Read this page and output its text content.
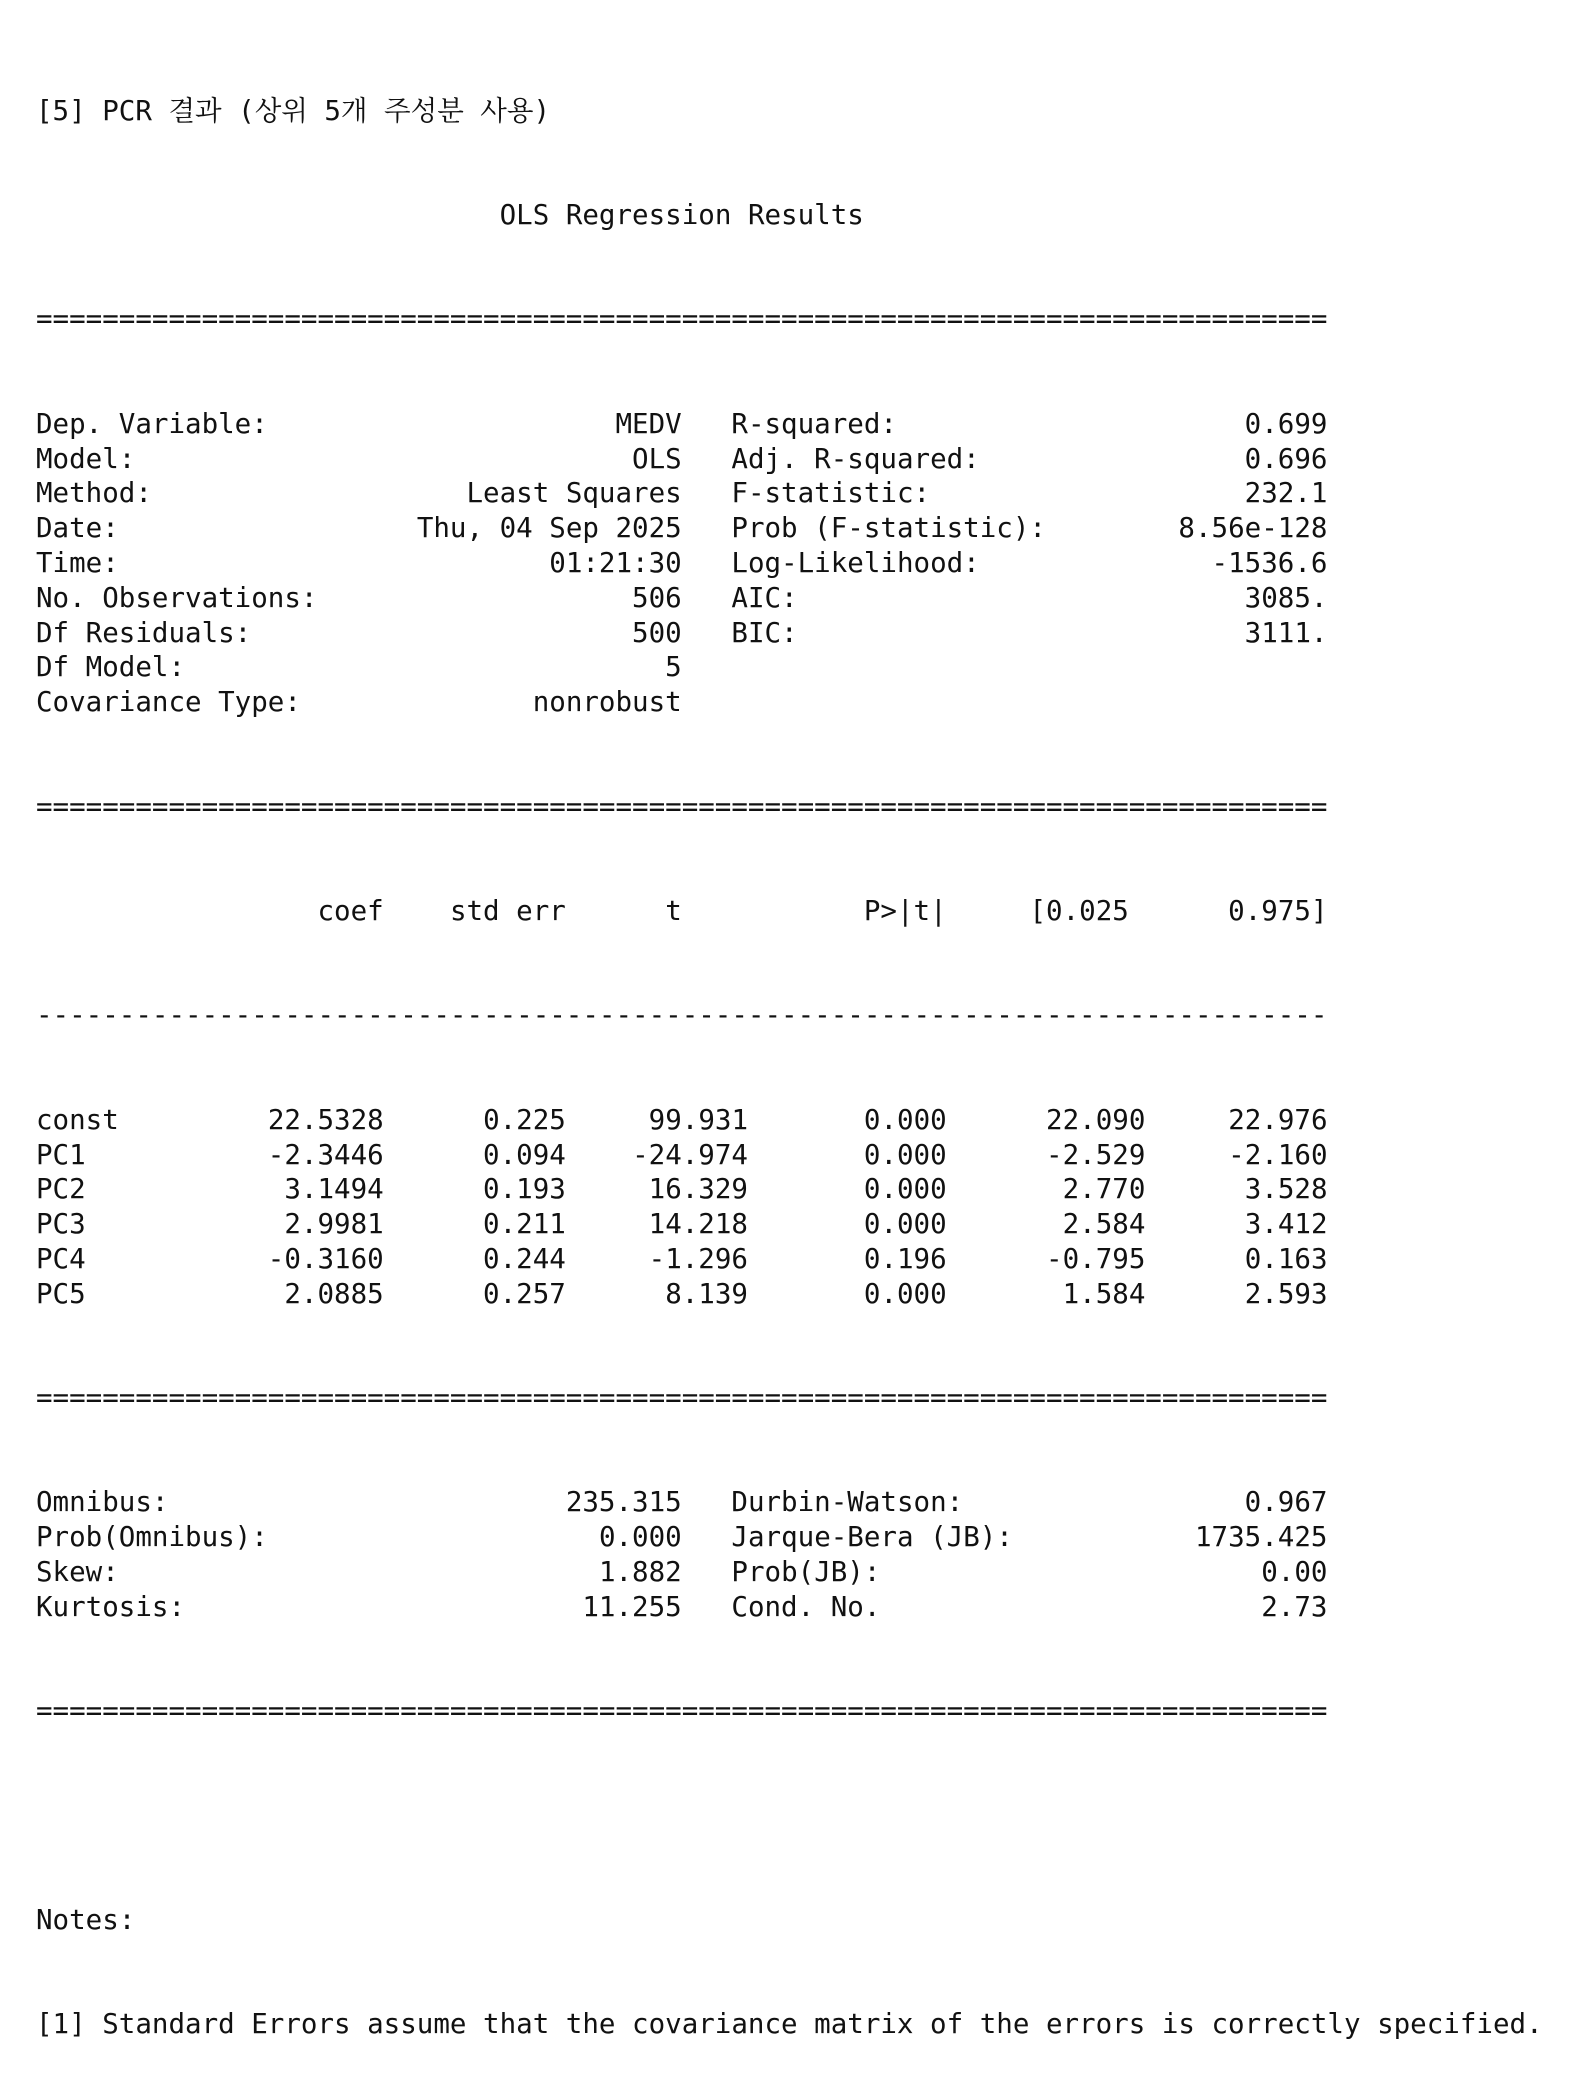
[5] PCR 결과 (상위 5개 주성분 사용)

OLS Regression Results

==============================================================================

Dep. Variable:	MEDV R-squared:	0.699
Model:	OLS Adj. R-squared:	0.696
Method:	Least Squares F-statistic:	232.1
Date:	Thu, 04 Sep 2025 Prob (F-statistic):	8.56e-128
Time:	01:21:30 Log-Likelihood:	-1536.6
No. Observations:	506 AIC:	3085.
Df Residuals:	500 BIC:	3111.
Df Model:	5
Covariance Type:	nonrobust

==============================================================================

coef std err	t	P>|t|	[0.025	0.975]

------------------------------------------------------------------------------

const	22.5328	0.225	99.931	0.000	22.090	22.976
PC1	-2.3446	0.094 -24.974	0.000	-2.529	-2.160
PC2	3.1494	0.193	16.329	0.000	2.770	3.528
PC3	2.9981	0.211	14.218	0.000	2.584	3.412
PC4	-0.3160	0.244	-1.296	0.196	-0.795	0.163
PC5	2.0885	0.257	8.139	0.000	1.584	2.593

==============================================================================

Omnibus:	235.315 Durbin-Watson:	0.967
Prob(Omnibus):	0.000 Jarque-Bera (JB):	1735.425
Skew:	1.882 Prob(JB):	0.00
Kurtosis:	11.255 Cond. No.	2.73

==============================================================================

Notes:

[1] Standard Errors assume that the covariance matrix of the errors is correctly specified.
